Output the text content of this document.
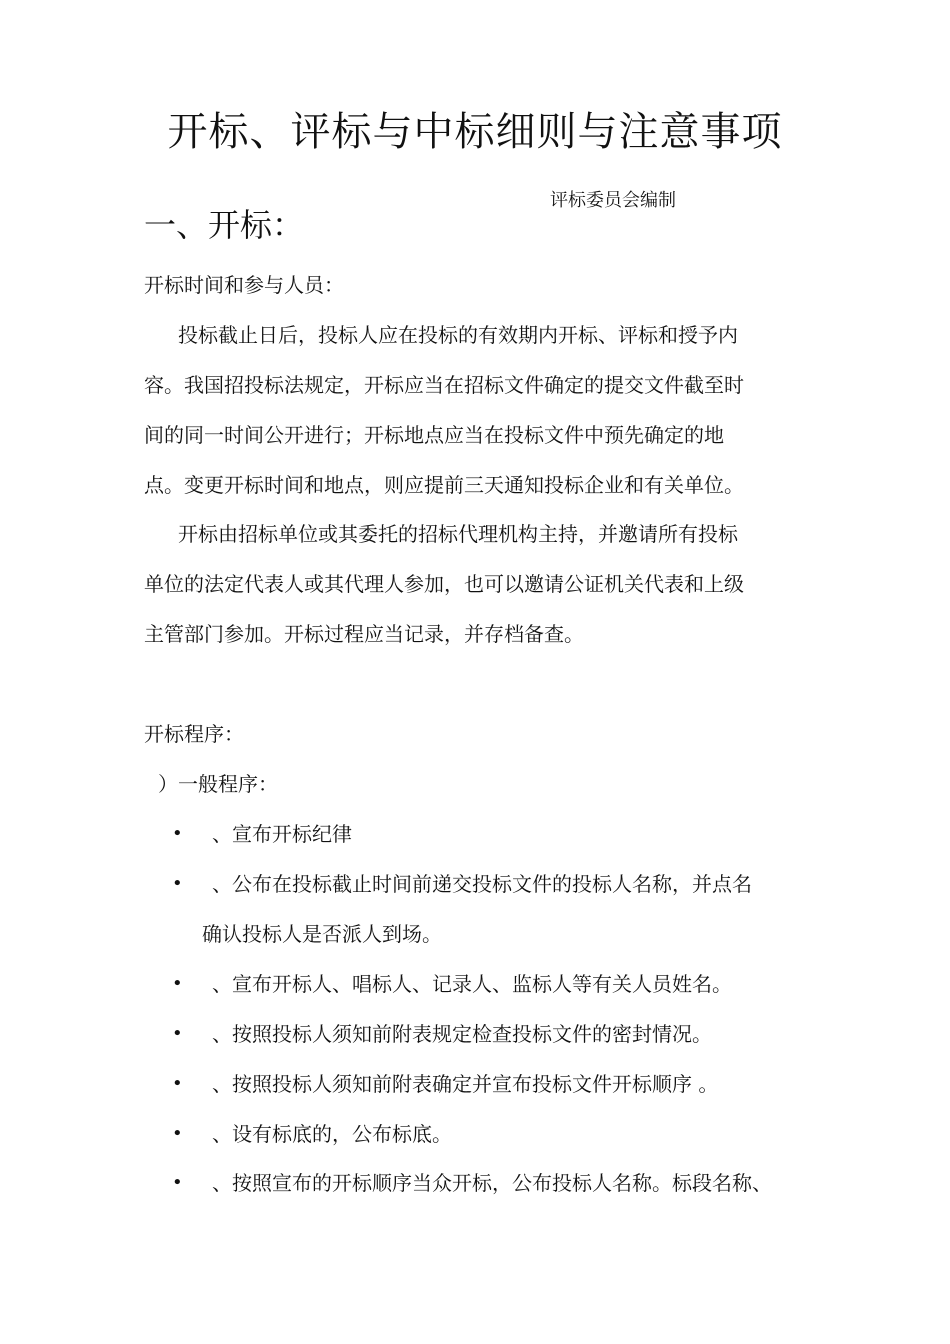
开标、评标与中标细则与注意事项
评标委员会编制
一、开标：
开标时间和参与人员：
投标截止日后，投标人应在投标的有效期内开标、评标和授予内
容。我国招投标法规定，开标应当在招标文件确定的提交文件截至时
间的同一时间公开进行；开标地点应当在投标文件中预先确定的地
点。变更开标时间和地点，则应提前三天通知投标企业和有关单位。
开标由招标单位或其委托的招标代理机构主持，并邀请所有投标
单位的法定代表人或其代理人参加，也可以邀请公证机关代表和上级
主管部门参加。开标过程应当记录，并存档备查。
开标程序：
）一般程序：
• 、宣布开标纪律
• 、公布在投标截止时间前递交投标文件的投标人名称，并点名
确认投标人是否派人到场。
• 、宣布开标人、唱标人、记录人、监标人等有关人员姓名。
• 、按照投标人须知前附表规定检查投标文件的密封情况。
• 、按照投标人须知前附表确定并宣布投标文件开标顺序 。
• 、设有标底的，公布标底。
• 、按照宣布的开标顺序当众开标，公布投标人名称。标段名称、
